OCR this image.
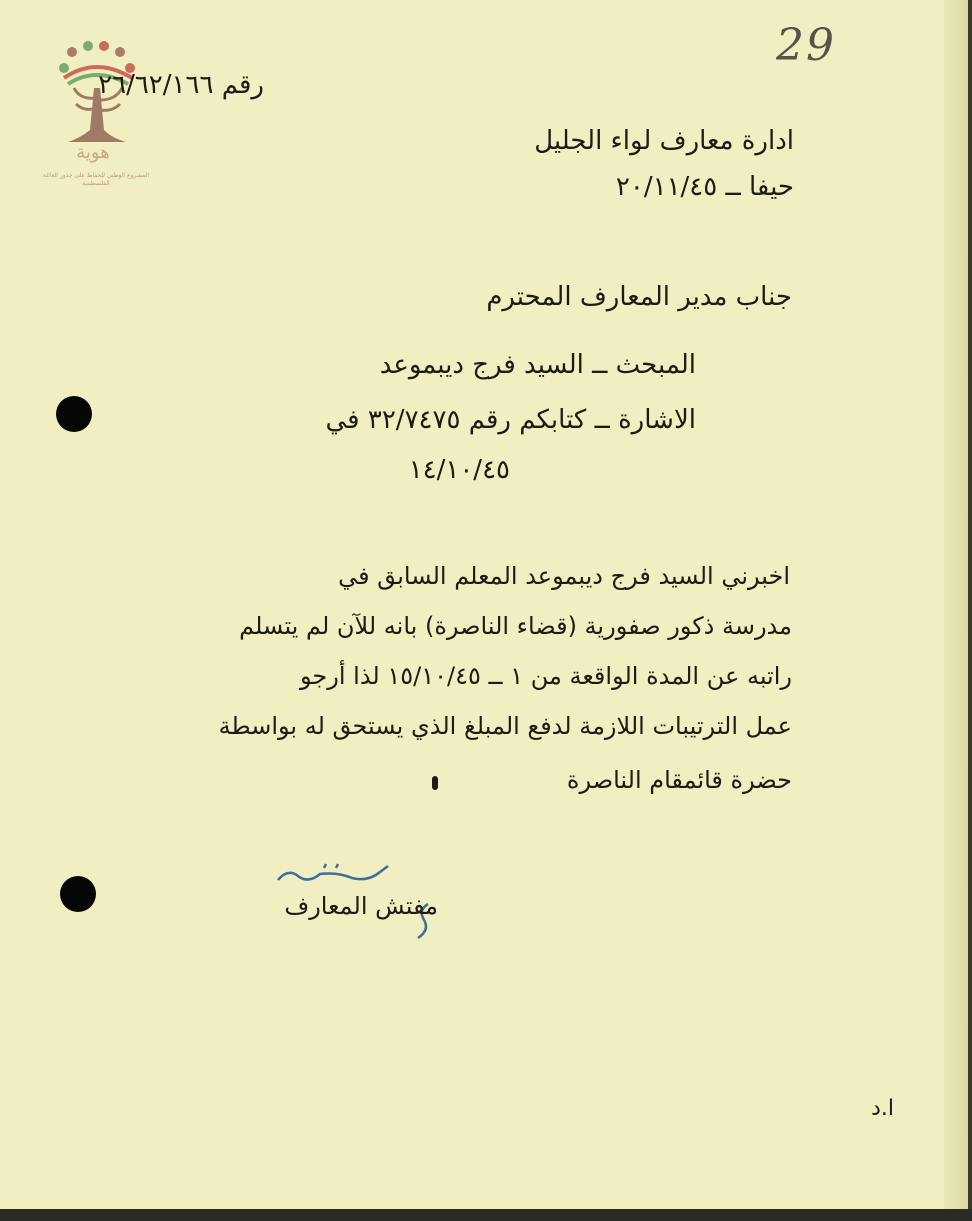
هوية
المشروع الوطني للحفاظ على جذور العائلة الفلسطينية
29
رقم ٢٦/٦٢/١٦٦
ادارة معارف لواء الجليل
حيفا ــ ٢٠/١١/٤٥
جناب مدير المعارف المحترم
المبحث ــ السيد فرج ديبموعد
الاشارة ــ كتابكم رقم ٣٢/٧٤٧٥ في
١٤/١٠/٤٥
اخبرني السيد فرج ديبموعد المعلم السابق في
مدرسة ذكور صفورية (قضاء الناصرة) بانه للآن لم يتسلم
راتبه عن المدة الواقعة من ١ ــ ١٥/١٠/٤٥ لذا أرجو
عمل الترتيبات اللازمة لدفع المبلغ الذي يستحق له بواسطة
حضرة قائمقام الناصرة
مفتش المعارف
ا.د
